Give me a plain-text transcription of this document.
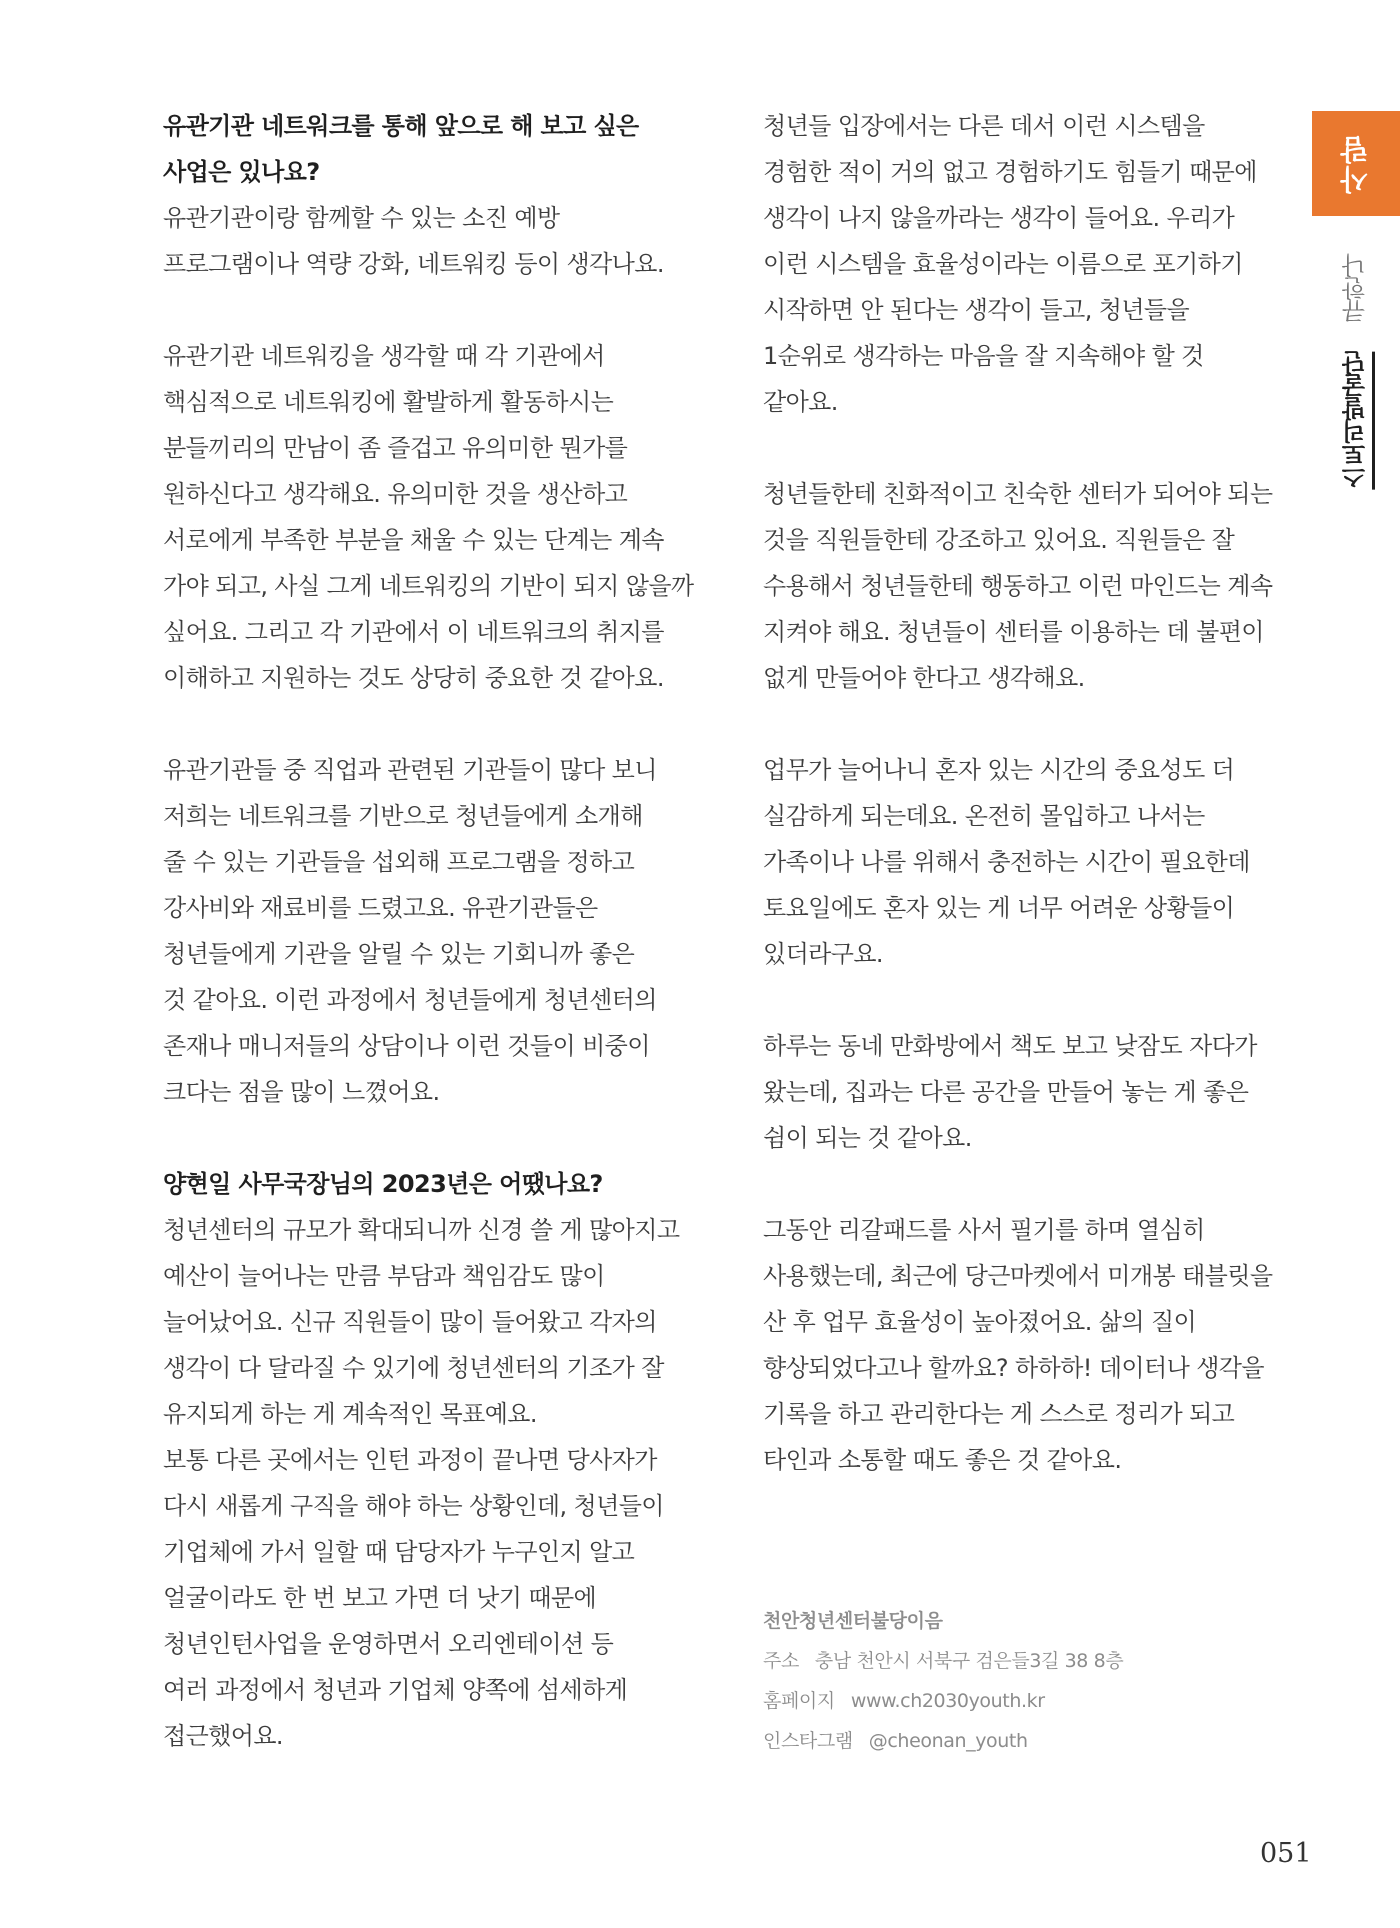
사람
스토리발굴단 큐한나
유관기관 네트워크를 통해 앞으로 해 보고 싶은
사업은 있나요?
유관기관이랑 함께할 수 있는 소진 예방
프로그램이나 역량 강화, 네트워킹 등이 생각나요.
유관기관 네트워킹을 생각할 때 각 기관에서
핵심적으로 네트워킹에 활발하게 활동하시는
분들끼리의 만남이 좀 즐겁고 유의미한 뭔가를
원하신다고 생각해요. 유의미한 것을 생산하고
서로에게 부족한 부분을 채울 수 있는 단계는 계속
가야 되고, 사실 그게 네트워킹의 기반이 되지 않을까
싶어요. 그리고 각 기관에서 이 네트워크의 취지를
이해하고 지원하는 것도 상당히 중요한 것 같아요.
유관기관들 중 직업과 관련된 기관들이 많다 보니
저희는 네트워크를 기반으로 청년들에게 소개해
줄 수 있는 기관들을 섭외해 프로그램을 정하고
강사비와 재료비를 드렸고요. 유관기관들은
청년들에게 기관을 알릴 수 있는 기회니까 좋은
것 같아요. 이런 과정에서 청년들에게 청년센터의
존재나 매니저들의 상담이나 이런 것들이 비중이
크다는 점을 많이 느꼈어요.
양현일 사무국장님의 2023년은 어땠나요?
청년센터의 규모가 확대되니까 신경 쓸 게 많아지고
예산이 늘어나는 만큼 부담과 책임감도 많이
늘어났어요. 신규 직원들이 많이 들어왔고 각자의
생각이 다 달라질 수 있기에 청년센터의 기조가 잘
유지되게 하는 게 계속적인 목표예요.
보통 다른 곳에서는 인턴 과정이 끝나면 당사자가
다시 새롭게 구직을 해야 하는 상황인데, 청년들이
기업체에 가서 일할 때 담당자가 누구인지 알고
얼굴이라도 한 번 보고 가면 더 낫기 때문에
청년인턴사업을 운영하면서 오리엔테이션 등
여러 과정에서 청년과 기업체 양쪽에 섬세하게
접근했어요.
청년들 입장에서는 다른 데서 이런 시스템을
경험한 적이 거의 없고 경험하기도 힘들기 때문에
생각이 나지 않을까라는 생각이 들어요. 우리가
이런 시스템을 효율성이라는 이름으로 포기하기
시작하면 안 된다는 생각이 들고, 청년들을
1순위로 생각하는 마음을 잘 지속해야 할 것
같아요.
청년들한테 친화적이고 친숙한 센터가 되어야 되는
것을 직원들한테 강조하고 있어요. 직원들은 잘
수용해서 청년들한테 행동하고 이런 마인드는 계속
지켜야 해요. 청년들이 센터를 이용하는 데 불편이
없게 만들어야 한다고 생각해요.
업무가 늘어나니 혼자 있는 시간의 중요성도 더
실감하게 되는데요. 온전히 몰입하고 나서는
가족이나 나를 위해서 충전하는 시간이 필요한데
토요일에도 혼자 있는 게 너무 어려운 상황들이
있더라구요.
하루는 동네 만화방에서 책도 보고 낮잠도 자다가
왔는데, 집과는 다른 공간을 만들어 놓는 게 좋은
쉼이 되는 것 같아요.
그동안 리갈패드를 사서 필기를 하며 열심히
사용했는데, 최근에 당근마켓에서 미개봉 태블릿을
산 후 업무 효율성이 높아졌어요. 삶의 질이
향상되었다고나 할까요? 하하하! 데이터나 생각을
기록을 하고 관리한다는 게 스스로 정리가 되고
타인과 소통할 때도 좋은 것 같아요.
천안청년센터불당이음
주소 충남 천안시 서북구 검은들3길 38 8층
홈페이지 www.ch2030youth.kr
인스타그램 @cheonan_youth
051
